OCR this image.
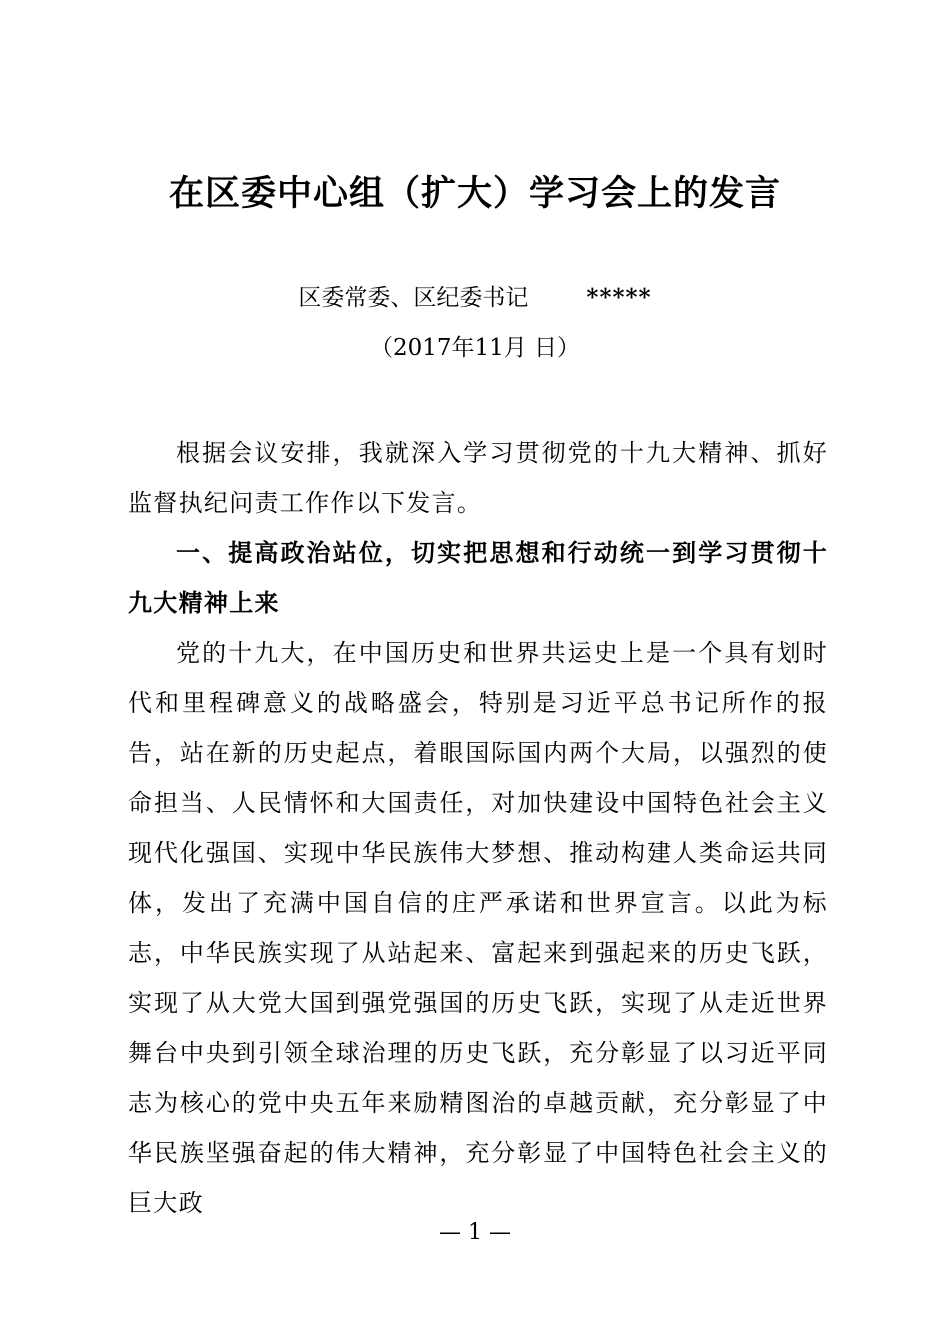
在区委中心组（扩大）学习会上的发言
区委常委、区纪委书记	*****
（2017年11月 日）

根据会议安排，我就深入学习贯彻党的十九大精神、抓好监督执纪问责工作作以下发言。

一、提高政治站位，切实把思想和行动统一到学习贯彻十九大精神上来

党的十九大，在中国历史和世界共运史上是一个具有划时代和里程碑意义的战略盛会，特别是习近平总书记所作的报告，站在新的历史起点，着眼国际国内两个大局，以强烈的使命担当、人民情怀和大国责任，对加快建设中国特色社会主义现代化强国、实现中华民族伟大梦想、推动构建人类命运共同体，发出了充满中国自信的庄严承诺和世界宣言。以此为标志，中华民族实现了从站起来、富起来到强起来的历史飞跃，实现了从大党大国到强党强国的历史飞跃，实现了从走近世界舞台中央到引领全球治理的历史飞跃，充分彰显了以习近平同志为核心的党中央五年来励精图治的卓越贡献，充分彰显了中华民族坚强奋起的伟大精神，充分彰显了中国特色社会主义的巨大政

— 1 —
